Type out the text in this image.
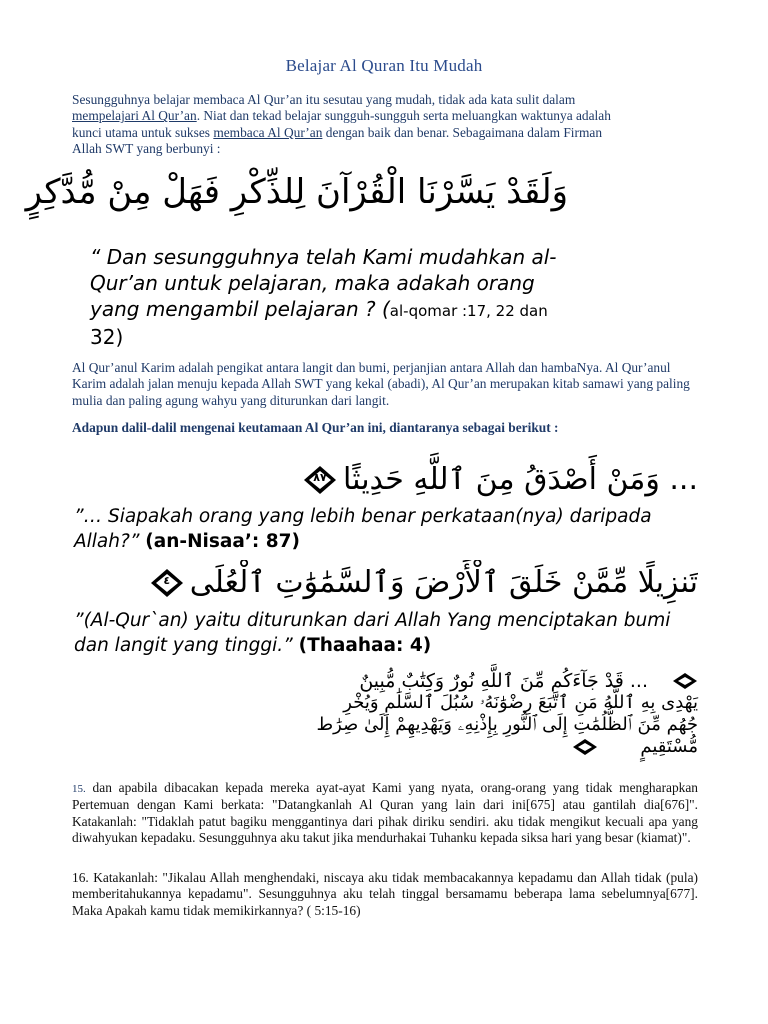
Belajar Al Quran Itu Mudah
Sesungguhnya belajar membaca Al Qur’an itu sesutau yang mudah, tidak ada kata sulit dalam
mempelajari Al Qur’an. Niat dan tekad belajar sungguh-sungguh serta meluangkan waktunya adalah
kunci utama untuk sukses membaca Al Qur’an dengan baik dan benar. Sebagaimana dalam Firman
Allah SWT yang berbunyi :
وَلَقَدْ يَسَّرْنَا الْقُرْآنَ لِلذِّكْرِ فَهَلْ مِنْ مُّدَّكِرٍ
“ Dan sesungguhnya telah Kami mudahkan al-
Qur’an untuk pelajaran, maka adakah orang
yang mengambil pelajaran ? (al-qomar :17, 22 dan
32)
Al Qur’anul Karim adalah pengikat antara langit dan bumi, perjanjian antara Allah dan hambaNya. Al Qur’anul Karim adalah jalan menuju kepada Allah SWT yang kekal (abadi), Al Qur’an merupakan kitab samawi yang paling mulia dan paling agung wahyu yang diturunkan dari langit.
Adapun dalil-dalil mengenai keutamaan Al Qur’an ini, diantaranya sebagai berikut :
... وَمَنْ أَصْدَقُ مِنَ ٱللَّهِ حَدِيثًا
٨٧
”… Siapakah orang yang lebih benar perkataan(nya) daripada
Allah?” (an-Nisaa’: 87)
تَنزِيلًا مِّمَّنْ خَلَقَ ٱلْأَرْضَ وَٱلسَّمَٰوَٰتِ ٱلْعُلَى
٤
”(Al-Qur`an) yaitu diturunkan dari Allah Yang menciptakan bumi
dan langit yang tinggi.” (Thaahaa: 4)
... قَدْ جَآءَكُم مِّنَ ٱللَّهِ نُورٌ وَكِتَٰبٌ مُّبِينٌ
يَهْدِى بِهِ ٱللَّهُ مَنِ ٱتَّبَعَ رِضْوَٰنَهُۥ سُبُلَ ٱلسَّلَٰمِ وَيُخْرِ
جُهُم مِّنَ ٱلظُّلُمَٰتِ إِلَى ٱلنُّورِ بِإِذْنِهِۦ وَيَهْدِيهِمْ إِلَىٰ صِرَٰط
مُّسْتَقِيمٍ
15. dan apabila dibacakan kepada mereka ayat-ayat Kami yang nyata, orang-orang yang tidak mengharapkan Pertemuan dengan Kami berkata: "Datangkanlah Al Quran yang lain dari ini[675] atau gantilah dia[676]". Katakanlah: "Tidaklah patut bagiku menggantinya dari pihak diriku sendiri. aku tidak mengikut kecuali apa yang diwahyukan kepadaku. Sesungguhnya aku takut jika mendurhakai Tuhanku kepada siksa hari yang besar (kiamat)".
16. Katakanlah: "Jikalau Allah menghendaki, niscaya aku tidak membacakannya kepadamu dan Allah tidak (pula) memberitahukannya kepadamu". Sesungguhnya aku telah tinggal bersamamu beberapa lama sebelumnya[677]. Maka Apakah kamu tidak memikirkannya? ( 5:15-16)
